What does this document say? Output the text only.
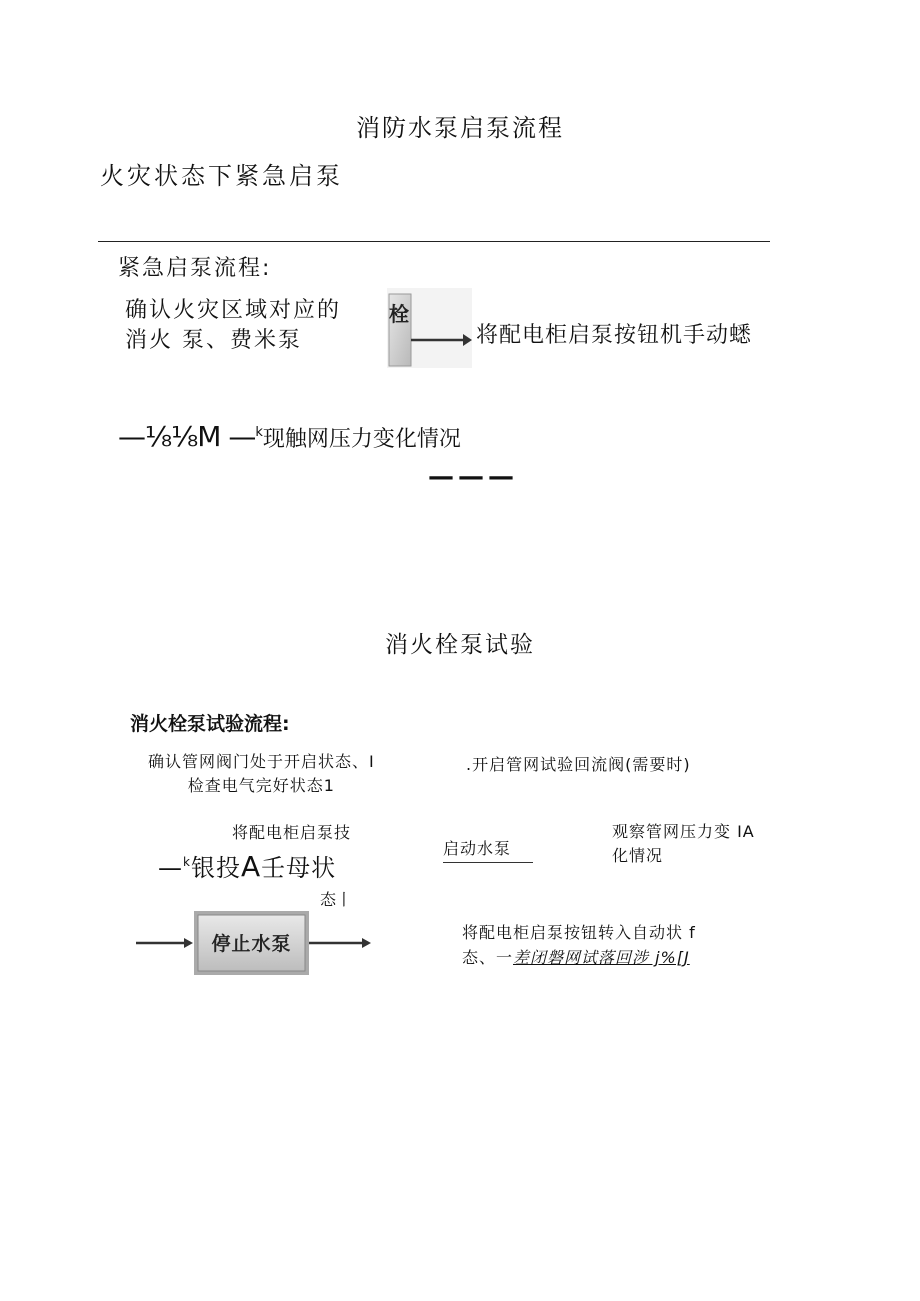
消防水泵启泵流程
火灾状态下紧急启泵
紧急启泵流程:
确认火灾区域对应的
消火 泵、费米泵
栓
将配电柜启泵按钮机手动蟋
—⅛⅛M —$^k$现触网压力变化情况
———
消火栓泵试验
消火栓泵试验流程:
确认管网阀门处于开启状态、I
检查电气完好状态1
.开启管网试验回流阀(需要时)
将配电柜启泵技
—$^k$银投A壬母状
态丨
启动水泵
观察管网压力变 IA
化情况
停止水泵
将配电柜启泵按钮转入自动状 f
态、一差闭磐网试落回涉 j%[J
